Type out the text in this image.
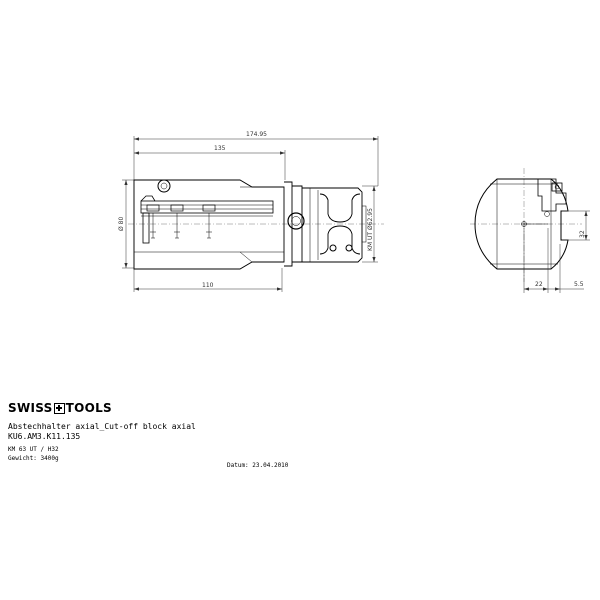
174.95
135
110
Ø 80	KM UT Ø62.95	32
22	5.5
SWISS TOOLS
Abstechhalter axial_Cut-off block axial
KU6.AM3.K11.135
KM 63 UT / H32
Gewicht: 3400g
Datum: 23.04.2010
